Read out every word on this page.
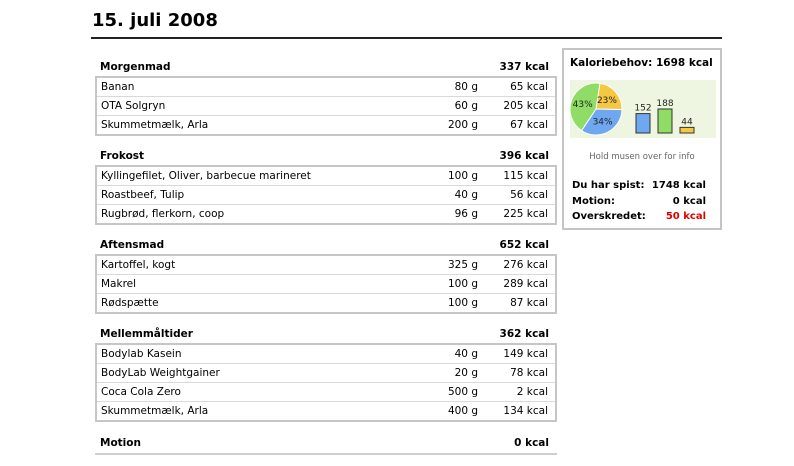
15. juli 2008
Morgenmad	337 kcal
Banan	80 g	65 kcal
OTA Solgryn	60 g	205 kcal
Skummetmælk, Arla	200 g	67 kcal
Frokost	396 kcal
Kyllingefilet, Oliver, barbecue marineret	100 g	115 kcal
Roastbeef, Tulip	40 g	56 kcal
Rugbrød, flerkorn, coop	96 g	225 kcal
Aftensmad	652 kcal
Kartoffel, kogt	325 g	276 kcal
Makrel	100 g	289 kcal
Rødspætte	100 g	87 kcal
Mellemmåltider	362 kcal
Bodylab Kasein	40 g	149 kcal
BodyLab Weightgainer	20 g	78 kcal
Coca Cola Zero	500 g	2 kcal
Skummetmælk, Arla	400 g	134 kcal
Motion	0 kcal
Kaloriebehov: 1698 kcal
23%
34%
43%	152 188
44
Hold musen over for info
Du har spist: 1748 kcal
Motion:	0 kcal
Overskredet:	50 kcal
